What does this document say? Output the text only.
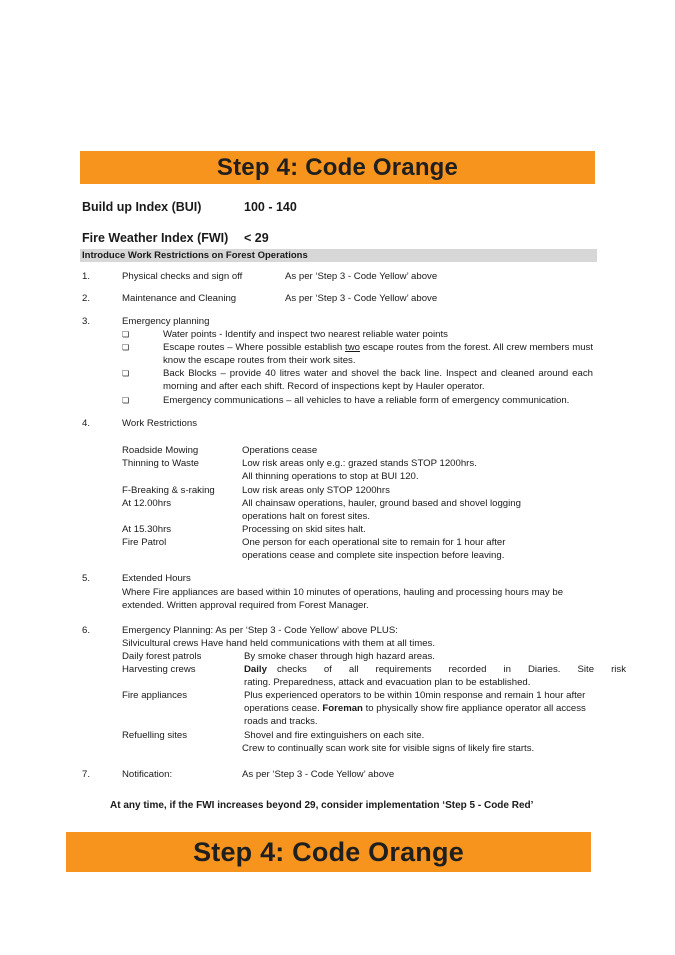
Step 4: Code Orange
Build up Index (BUI)	100 - 140
Fire Weather Index (FWI) < 29
Introduce Work Restrictions on Forest Operations
1.	Physical checks and sign off	As per ‘Step 3 - Code Yellow’ above
2.	Maintenance and Cleaning	As per ‘Step 3 - Code Yellow’ above
3.	Emergency planning
❏	Water points - Identify and inspect two nearest reliable water points
❏	Escape routes – Where possible establish two escape routes from the forest. All crew members must know the escape routes from their work sites.
❏	Back Blocks – provide 40 litres water and shovel the back line. Inspect and cleaned around each morning and after each shift. Record of inspections kept by Hauler operator.
❏	Emergency communications – all vehicles to have a reliable form of emergency communication.
4.	Work Restrictions
Roadside Mowing	Operations cease
Thinning to Waste	Low risk areas only e.g.: grazed stands STOP 1200hrs.
All thinning operations to stop at BUI 120.
F-Breaking & s-raking	Low risk areas only STOP 1200hrs
At 12.00hrs	All chainsaw operations, hauler, ground based and shovel logging
operations halt on forest sites.
At 15.30hrs	Processing on skid sites halt.
Fire Patrol	One person for each operational site to remain for 1 hour after
operations cease and complete site inspection before leaving.
5.	Extended Hours
Where Fire appliances are based within 10 minutes of operations, hauling and processing hours may be extended. Written approval required from Forest Manager.
6.	Emergency Planning: As per ‘Step 3 - Code Yellow’ above PLUS:
Silvicultural crews Have hand held communications with them at all times.
Daily forest patrols	By smoke chaser through high hazard areas.
Harvesting crews	Daily checks of all requirements recorded in Diaries. Site risk
rating. Preparedness, attack and evacuation plan to be established.
Fire appliances	Plus experienced operators to be within 10min response and remain 1 hour after
operations cease. Foreman to physically show fire appliance operator all access
roads and tracks.
Refuelling sites	Shovel and fire extinguishers on each site.
Crew to continually scan work site for visible signs of likely fire starts.
7.	Notification:	As per ‘Step 3 - Code Yellow’ above
At any time, if the FWI increases beyond 29, consider implementation ‘Step 5 - Code Red’
Step 4: Code Orange
